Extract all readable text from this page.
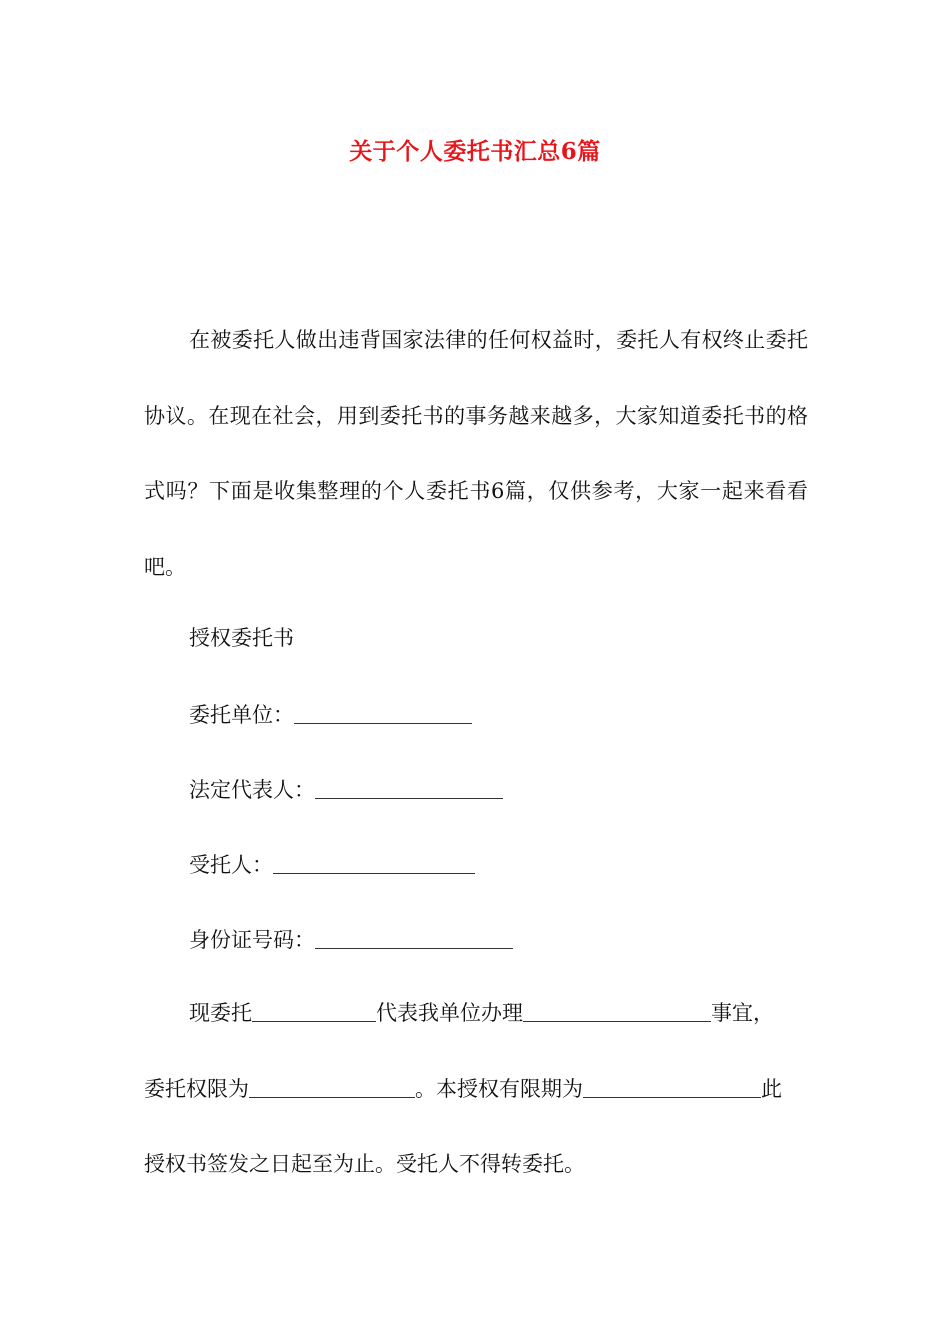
关于个人委托书汇总6篇

在被委托人做出违背国家法律的任何权益时，委托人有权终止委托协议。在现在社会，用到委托书的事务越来越多，大家知道委托书的格式吗？下面是收集整理的个人委托书6篇，仅供参考，大家一起来看看吧。

授权委托书
委托单位：
法定代表人：
受托人：
身份证号码：
现委托	代表我单位办理	事宜，
委托权限为	。本授权有限期为	此
授权书签发之日起至为止。受托人不得转委托。
